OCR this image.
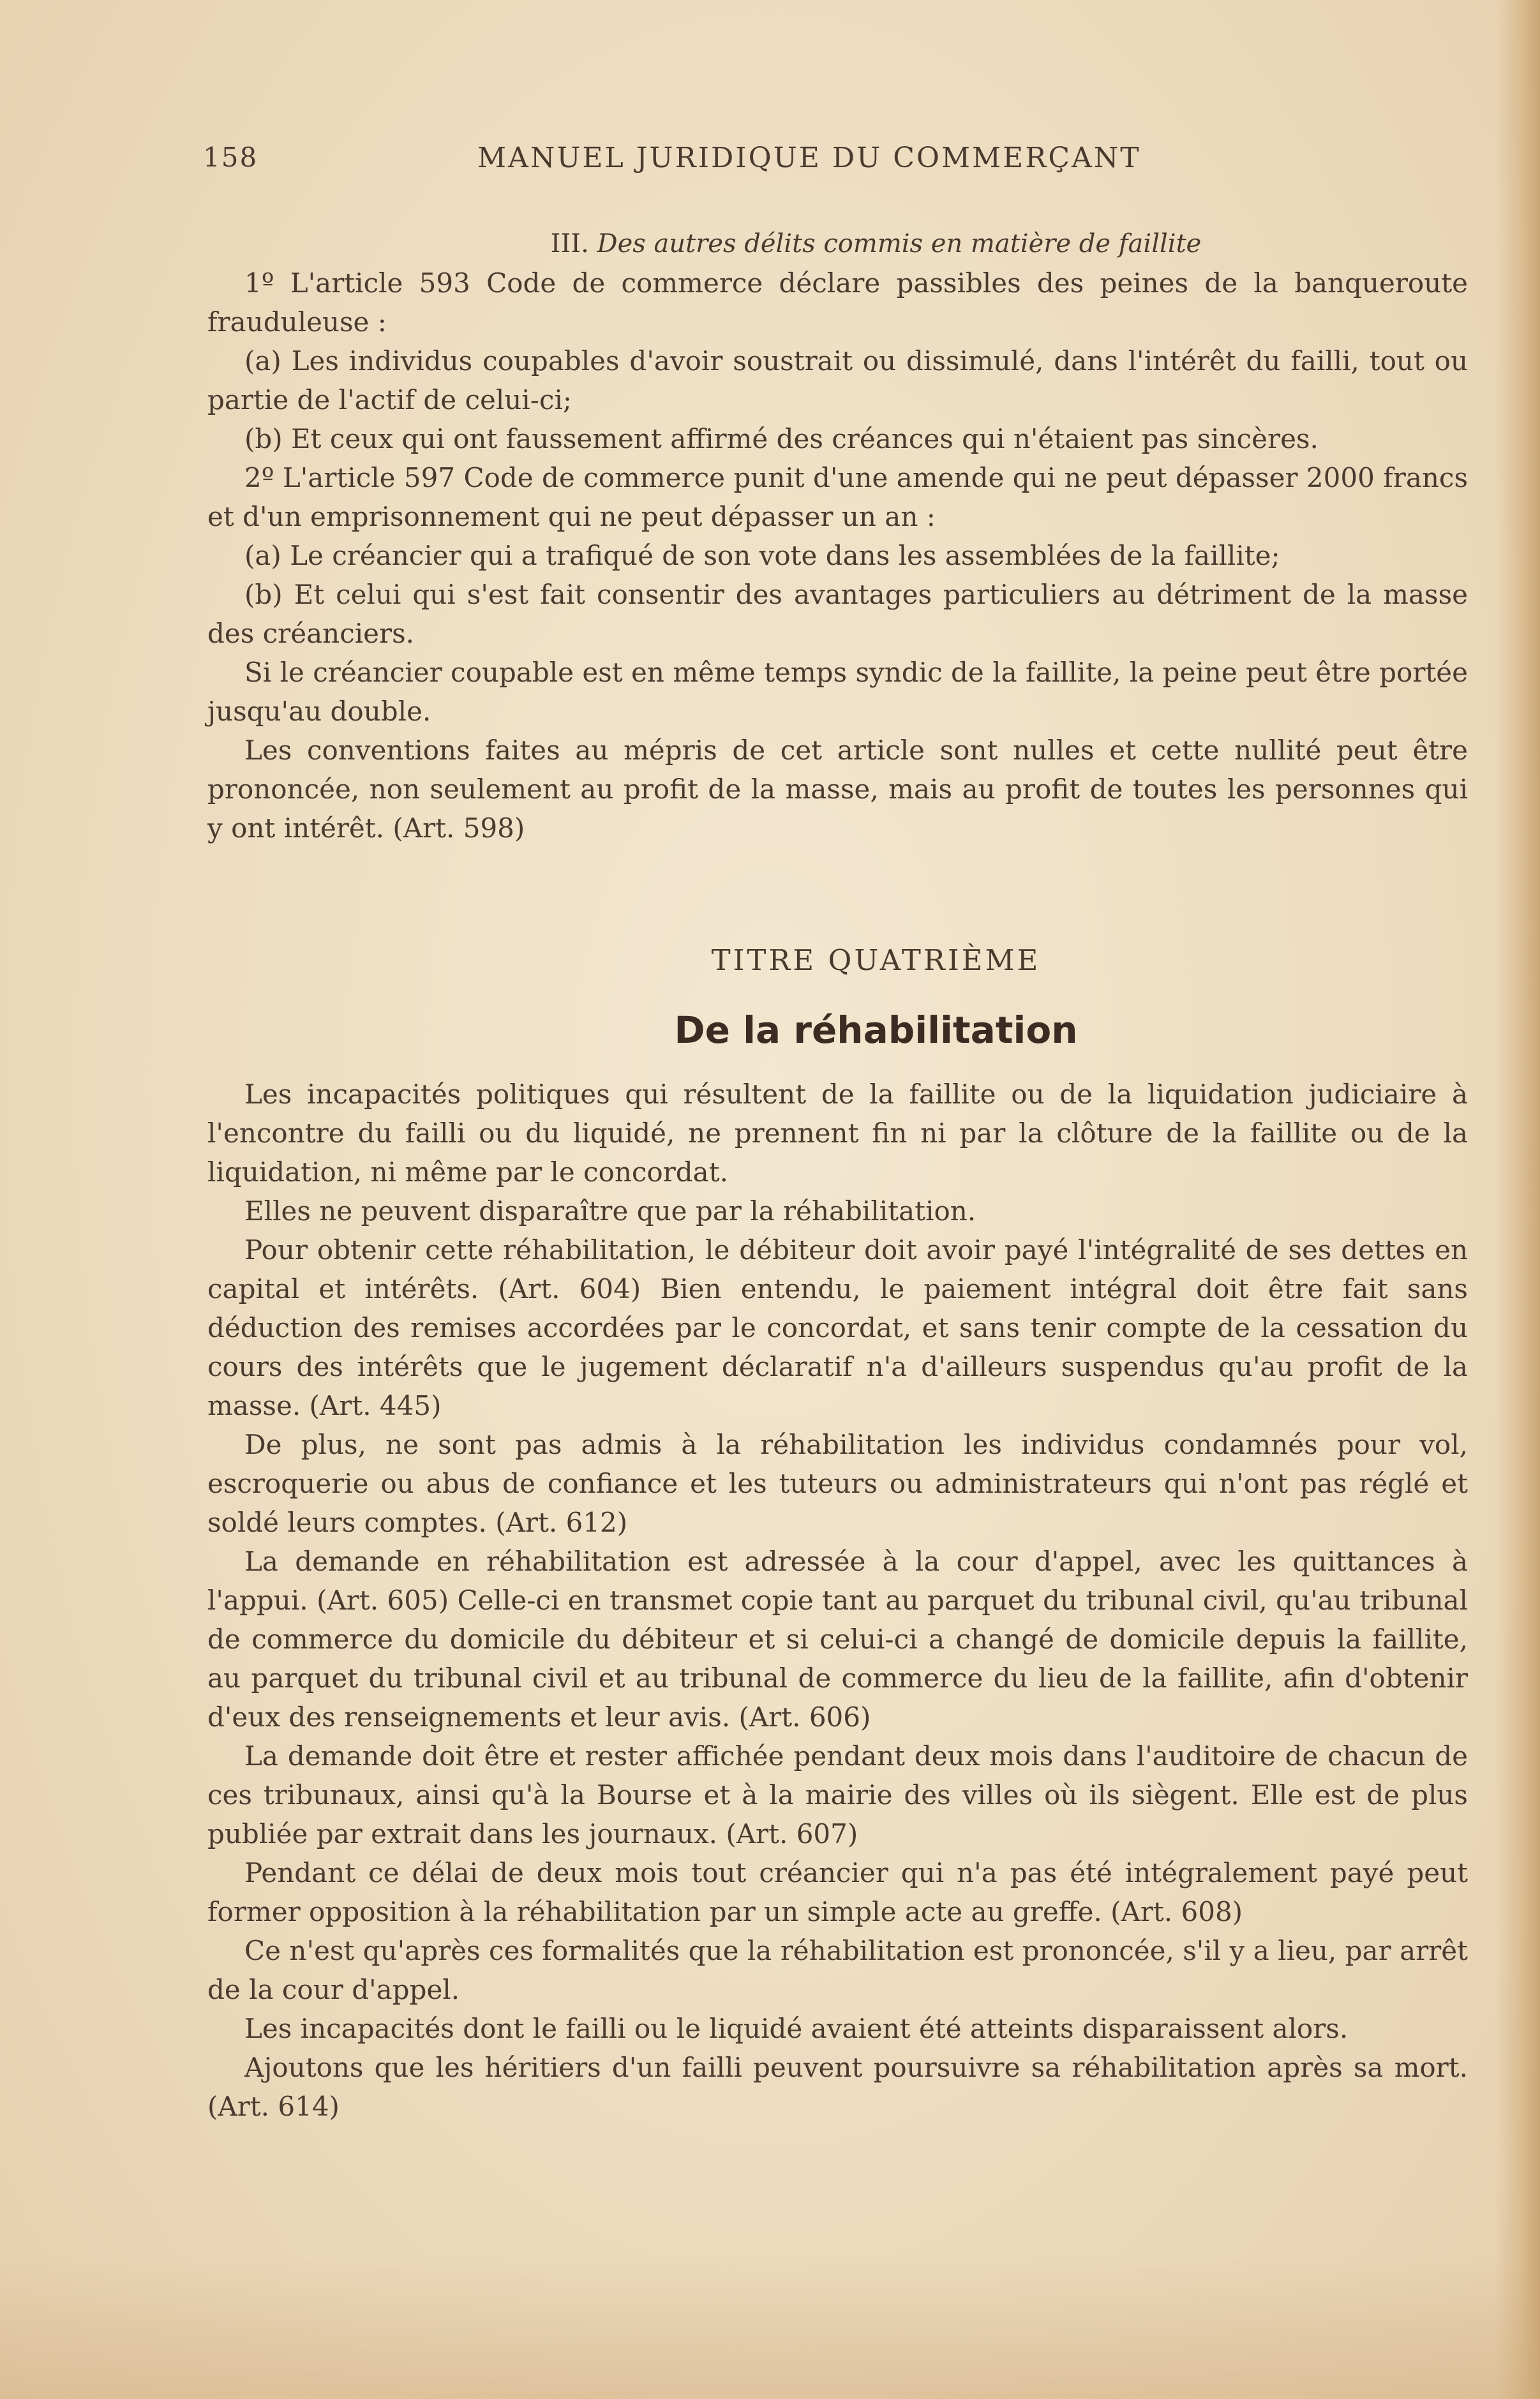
158	MANUEL JURIDIQUE DU COMMERÇANT

III. Des autres délits commis en matière de faillite

1º L'article 593 Code de commerce déclare passibles des peines de la banqueroute frauduleuse :

(a) Les individus coupables d'avoir soustrait ou dissimulé, dans l'intérêt du failli, tout ou partie de l'actif de celui-ci;

(b) Et ceux qui ont faussement affirmé des créances qui n'étaient pas sincères.

2º L'article 597 Code de commerce punit d'une amende qui ne peut dépasser 2000 francs et d'un emprisonnement qui ne peut dépasser un an :

(a) Le créancier qui a trafiqué de son vote dans les assemblées de la faillite;

(b) Et celui qui s'est fait consentir des avantages particuliers au détriment de la masse des créanciers.

Si le créancier coupable est en même temps syndic de la faillite, la peine peut être portée jusqu'au double.

Les conventions faites au mépris de cet article sont nulles et cette nullité peut être prononcée, non seulement au profit de la masse, mais au profit de toutes les personnes qui y ont intérêt. (Art. 598)

TITRE QUATRIÈME
De la réhabilitation

Les incapacités politiques qui résultent de la faillite ou de la liquidation judiciaire à l'encontre du failli ou du liquidé, ne prennent fin ni par la clôture de la faillite ou de la liquidation, ni même par le concordat.

Elles ne peuvent disparaître que par la réhabilitation.

Pour obtenir cette réhabilitation, le débiteur doit avoir payé l'intégralité de ses dettes en capital et intérêts. (Art. 604) Bien entendu, le paiement intégral doit être fait sans déduction des remises accordées par le concordat, et sans tenir compte de la cessation du cours des intérêts que le jugement déclaratif n'a d'ailleurs suspendus qu'au profit de la masse. (Art. 445)

De plus, ne sont pas admis à la réhabilitation les individus condamnés pour vol, escroquerie ou abus de confiance et les tuteurs ou administrateurs qui n'ont pas réglé et soldé leurs comptes. (Art. 612)

La demande en réhabilitation est adressée à la cour d'appel, avec les quittances à l'appui. (Art. 605) Celle-ci en transmet copie tant au parquet du tribunal civil, qu'au tribunal de commerce du domicile du débiteur et si celui-ci a changé de domicile depuis la faillite, au parquet du tribunal civil et au tribunal de commerce du lieu de la faillite, afin d'obtenir d'eux des renseignements et leur avis. (Art. 606)

La demande doit être et rester affichée pendant deux mois dans l'auditoire de chacun de ces tribunaux, ainsi qu'à la Bourse et à la mairie des villes où ils siègent. Elle est de plus publiée par extrait dans les journaux. (Art. 607)

Pendant ce délai de deux mois tout créancier qui n'a pas été intégralement payé peut former opposition à la réhabilitation par un simple acte au greffe. (Art. 608)

Ce n'est qu'après ces formalités que la réhabilitation est prononcée, s'il y a lieu, par arrêt de la cour d'appel.

Les incapacités dont le failli ou le liquidé avaient été atteints disparaissent alors.

Ajoutons que les héritiers d'un failli peuvent poursuivre sa réhabilitation après sa mort. (Art. 614)
